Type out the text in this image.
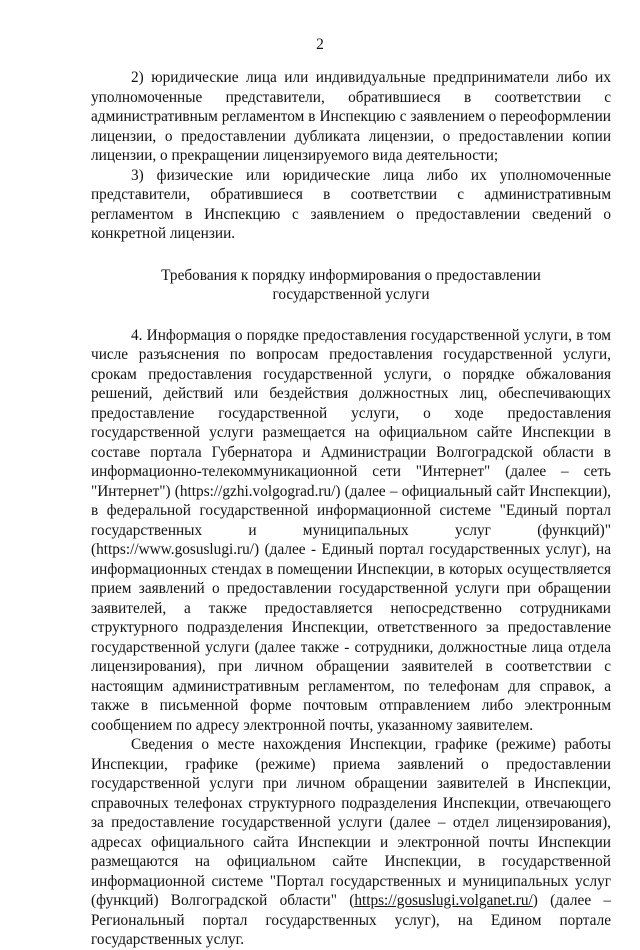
2

2) юридические лица или индивидуальные предприниматели либо их уполномоченные представители, обратившиеся в соответствии с административным регламентом в Инспекцию с заявлением о переоформлении лицензии, о предоставлении дубликата лицензии, о предоставлении копии лицензии, о прекращении лицензируемого вида деятельности;

3) физические или юридические лица либо их уполномоченные представители, обратившиеся в соответствии с административным регламентом в Инспекцию с заявлением о предоставлении сведений о конкретной лицензии.

Требования к порядку информирования о предоставлении государственной услуги

4. Информация о порядке предоставления государственной услуги, в том числе разъяснения по вопросам предоставления государственной услуги, срокам предоставления государственной услуги, о порядке обжалования решений, действий или бездействия должностных лиц, обеспечивающих предоставление государственной услуги, о ходе предоставления государственной услуги размещается на официальном сайте Инспекции в составе портала Губернатора и Администрации Волгоградской области в информационно-телекоммуникационной сети "Интернет" (далее – сеть "Интернет") (https://gzhi.volgograd.ru/) (далее – официальный сайт Инспекции), в федеральной государственной информационной системе "Единый портал государственных и муниципальных услуг (функций)" (https://www.gosuslugi.ru/) (далее - Единый портал государственных услуг), на информационных стендах в помещении Инспекции, в которых осуществляется прием заявлений о предоставлении государственной услуги при обращении заявителей, а также предоставляется непосредственно сотрудниками структурного подразделения Инспекции, ответственного за предоставление государственной услуги (далее также - сотрудники, должностные лица отдела лицензирования), при личном обращении заявителей в соответствии с настоящим административным регламентом, по телефонам для справок, а также в письменной форме почтовым отправлением либо электронным сообщением по адресу электронной почты, указанному заявителем.

Сведения о месте нахождения Инспекции, графике (режиме) работы Инспекции, графике (режиме) приема заявлений о предоставлении государственной услуги при личном обращении заявителей в Инспекции, справочных телефонах структурного подразделения Инспекции, отвечающего за предоставление государственной услуги (далее – отдел лицензирования), адресах официального сайта Инспекции и электронной почты Инспекции размещаются на официальном сайте Инспекции, в государственной информационной системе "Портал государственных и муниципальных услуг (функций) Волгоградской области" (https://gosuslugi.volganet.ru/) (далее – Региональный портал государственных услуг), на Едином портале государственных услуг.
